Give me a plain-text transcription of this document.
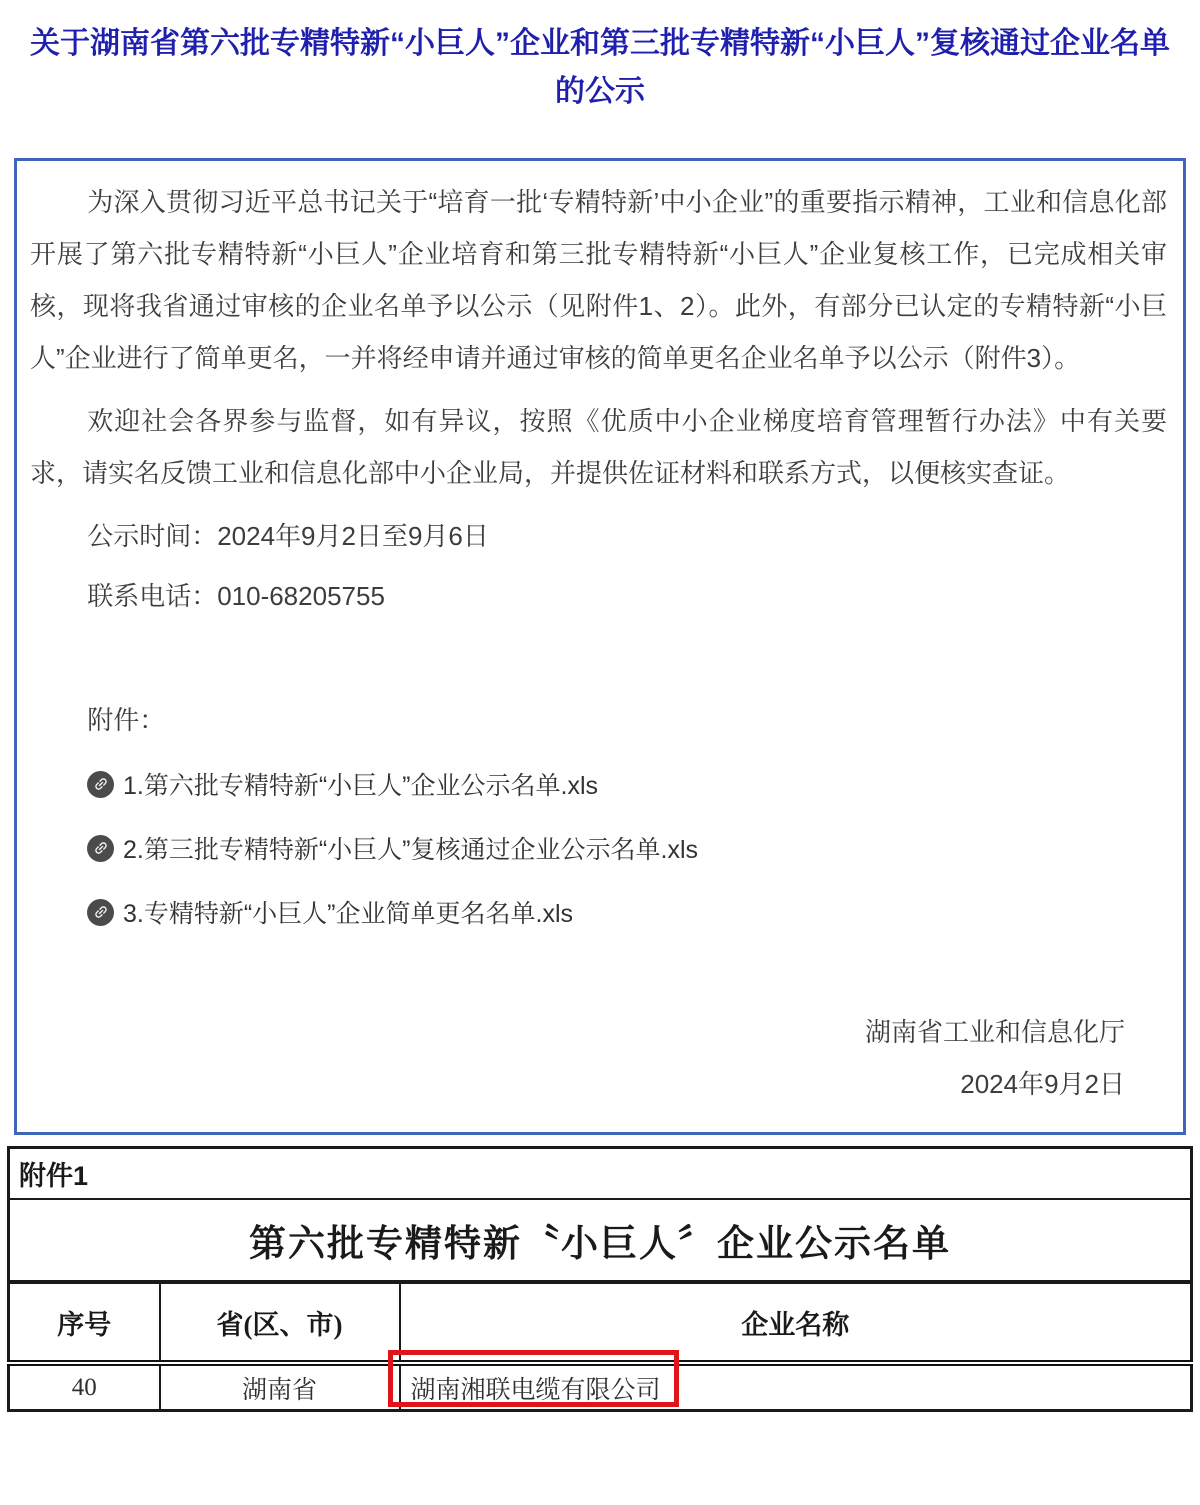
关于湖南省第六批专精特新“小巨人”企业和第三批专精特新“小巨人”复核通过企业名单
的公示

为深入贯彻习近平总书记关于“培育一批‘专精特新’中小企业”的重要指示精神，工业和信息化部开展了第六批专精特新“小巨人”企业培育和第三批专精特新“小巨人”企业复核工作，已完成相关审核，现将我省通过审核的企业名单予以公示（见附件1、2）。此外，有部分已认定的专精特新“小巨人”企业进行了简单更名，一并将经申请并通过审核的简单更名企业名单予以公示（附件3）。

欢迎社会各界参与监督，如有异议，按照《优质中小企业梯度培育管理暂行办法》中有关要求，请实名反馈工业和信息化部中小企业局，并提供佐证材料和联系方式，以便核实查证。

公示时间：2024年9月2日至9月6日

联系电话：010-68205755

附件：

1.第六批专精特新“小巨人”企业公示名单.xls
2.第三批专精特新“小巨人”复核通过企业公示名单.xls
3.专精特新“小巨人”企业简单更名名单.xls
湖南省工业和信息化厅
2024年9月2日
附件1		
第六批专精特新〝小巨人〞企业公示名单		
序号	省(区、市)	企业名称
40	湖南省	湖南湘联电缆有限公司
